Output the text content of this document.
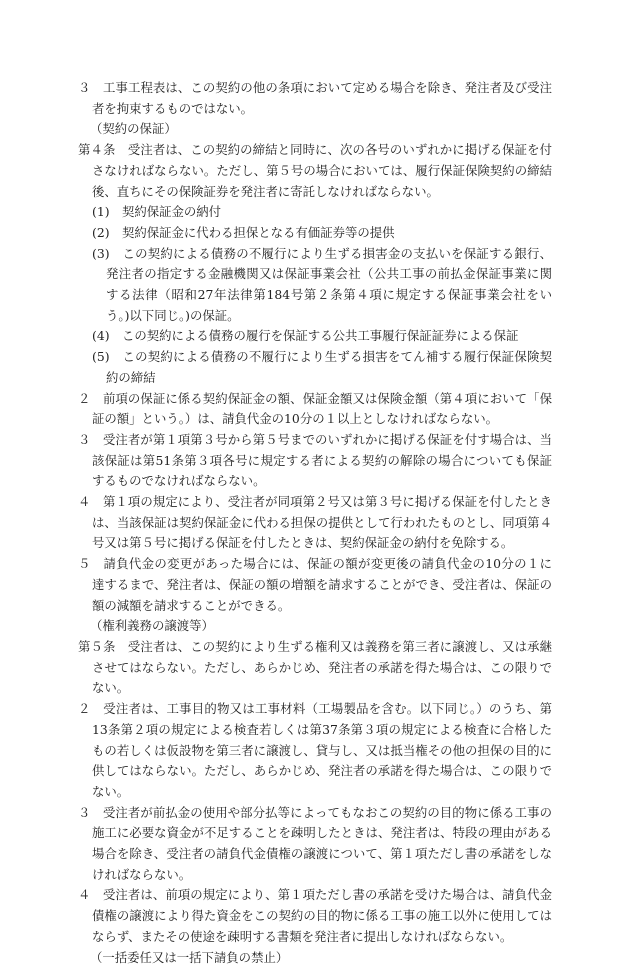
３　工事工程表は、この契約の他の条項において定める場合を除き、発注者及び受注者を拘束するものではない。

（契約の保証）

第４条　受注者は、この契約の締結と同時に、次の各号のいずれかに掲げる保証を付さなければならない。ただし、第５号の場合においては、履行保証保険契約の締結後、直ちにその保険証券を発注者に寄託しなければならない。

(1)　契約保証金の納付

(2)　契約保証金に代わる担保となる有価証券等の提供

(3)　この契約による債務の不履行により生ずる損害金の支払いを保証する銀行、発注者の指定する金融機関又は保証事業会社（公共工事の前払金保証事業に関する法律（昭和27年法律第184号第２条第４項に規定する保証事業会社をいう。)以下同じ。)の保証。

(4)　この契約による債務の履行を保証する公共工事履行保証証券による保証

(5)　この契約による債務の不履行により生ずる損害をてん補する履行保証保険契約の締結

２　前項の保証に係る契約保証金の額、保証金額又は保険金額（第４項において「保証の額」という。）は、請負代金の10分の１以上としなければならない。

３　受注者が第１項第３号から第５号までのいずれかに掲げる保証を付す場合は、当該保証は第51条第３項各号に規定する者による契約の解除の場合についても保証するものでなければならない。

４　第１項の規定により、受注者が同項第２号又は第３号に掲げる保証を付したときは、当該保証は契約保証金に代わる担保の提供として行われたものとし、同項第４号又は第５号に掲げる保証を付したときは、契約保証金の納付を免除する。

５　請負代金の変更があった場合には、保証の額が変更後の請負代金の10分の１に達するまで、発注者は、保証の額の増額を請求することができ、受注者は、保証の額の減額を請求することができる。

（権利義務の譲渡等）

第５条　受注者は、この契約により生ずる権利又は義務を第三者に譲渡し、又は承継させてはならない。ただし、あらかじめ、発注者の承諾を得た場合は、この限りでない。

２　受注者は、工事目的物又は工事材料（工場製品を含む。以下同じ。）のうち、第13条第２項の規定による検査若しくは第37条第３項の規定による検査に合格したもの若しくは仮設物を第三者に譲渡し、貸与し、又は抵当権その他の担保の目的に供してはならない。ただし、あらかじめ、発注者の承諾を得た場合は、この限りでない。

３　受注者が前払金の使用や部分払等によってもなおこの契約の目的物に係る工事の施工に必要な資金が不足することを疎明したときは、発注者は、特段の理由がある場合を除き、受注者の請負代金債権の譲渡について、第１項ただし書の承諾をしなければならない。

４　受注者は、前項の規定により、第１項ただし書の承諾を受けた場合は、請負代金債権の譲渡により得た資金をこの契約の目的物に係る工事の施工以外に使用してはならず、またその使途を疎明する書類を発注者に提出しなければならない。

（一括委任又は一括下請負の禁止）
